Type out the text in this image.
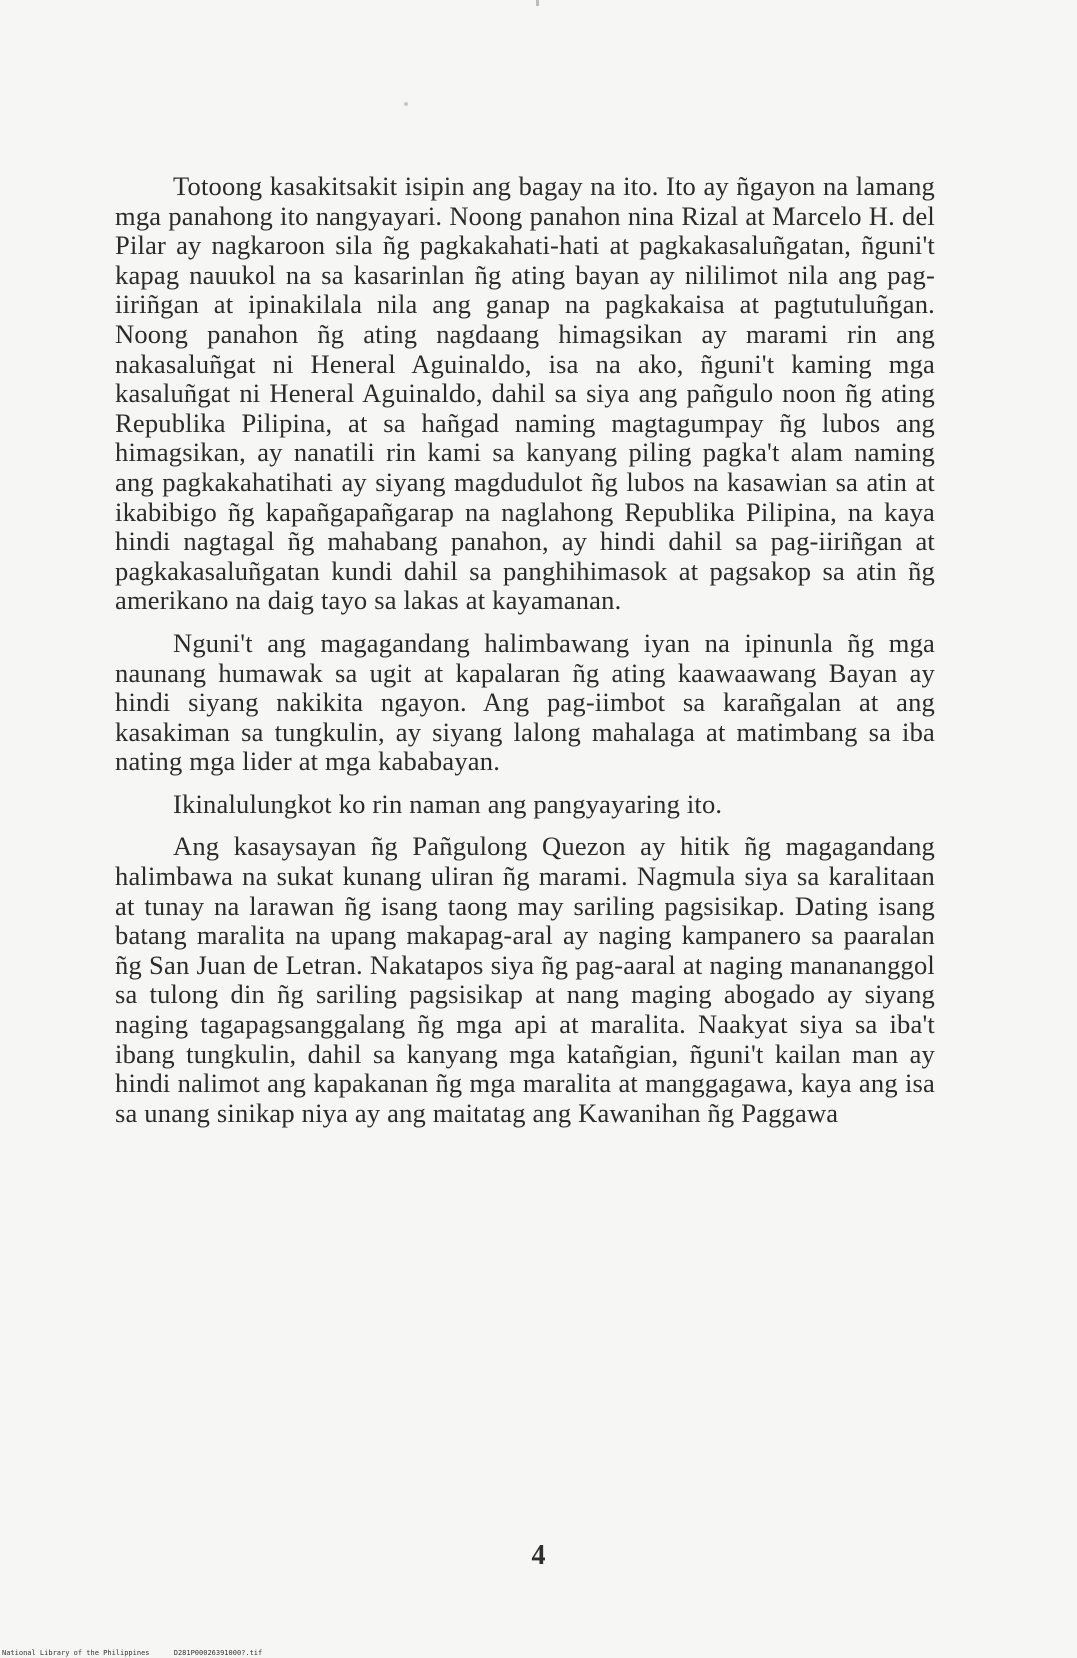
Totoong kasakitsakit isipin ang bagay na ito. Ito ay ñgayon na lamang mga panahong ito nangyayari. Noong panahon nina Rizal at Marcelo H. del Pilar ay nagkaroon sila ñg pagkakahati-hati at pagkakasaluñgatan, ñguni't kapag nauukol na sa kasarinlan ñg ating bayan ay nililimot nila ang pag-iiriñgan at ipinakilala nila ang ganap na pagkakaisa at pagtutuluñgan. Noong panahon ñg ating nagdaang himagsikan ay marami rin ang nakasaluñgat ni Heneral Aguinaldo, isa na ako, ñguni't kaming mga kasaluñgat ni Heneral Aguinaldo, dahil sa siya ang pañgulo noon ñg ating Republika Pilipina, at sa hañgad naming magtagumpay ñg lubos ang himagsikan, ay nanatili rin kami sa kanyang piling pagka't alam naming ang pagkakahatihati ay siyang magdudulot ñg lubos na kasawian sa atin at ikabibigo ñg kapañgapañgarap na naglahong Republika Pilipina, na kaya hindi nagtagal ñg mahabang panahon, ay hindi dahil sa pag-iiriñgan at pagkakasaluñgatan kundi dahil sa panghihimasok at pagsakop sa atin ñg amerikano na daig tayo sa lakas at kayamanan.

Nguni't ang magagandang halimbawang iyan na ipinunla ñg mga naunang humawak sa ugit at kapalaran ñg ating kaawaawang Bayan ay hindi siyang nakikita ngayon. Ang pag-iimbot sa karañgalan at ang kasakiman sa tungkulin, ay siyang lalong mahalaga at matimbang sa iba nating mga lider at mga kababayan.

Ikinalulungkot ko rin naman ang pangyayaring ito.

Ang kasaysayan ñg Pañgulong Quezon ay hitik ñg magagandang halimbawa na sukat kunang uliran ñg marami. Nagmula siya sa karalitaan at tunay na larawan ñg isang taong may sariling pagsisikap. Dating isang batang maralita na upang makapag-aral ay naging kampanero sa paaralan ñg San Juan de Letran. Nakatapos siya ñg pag-aaral at naging manananggol sa tulong din ñg sariling pagsisikap at nang maging abogado ay siyang naging tagapagsanggalang ñg mga api at maralita. Naakyat siya sa iba't ibang tungkulin, dahil sa kanyang mga katañgian, ñguni't kailan man ay hindi nalimot ang kapakanan ñg mga maralita at manggagawa, kaya ang isa sa unang sinikap niya ay ang maitatag ang Kawanihan ñg Paggawa

4
National Library of the Philippines	D281P00026391000?.tif
